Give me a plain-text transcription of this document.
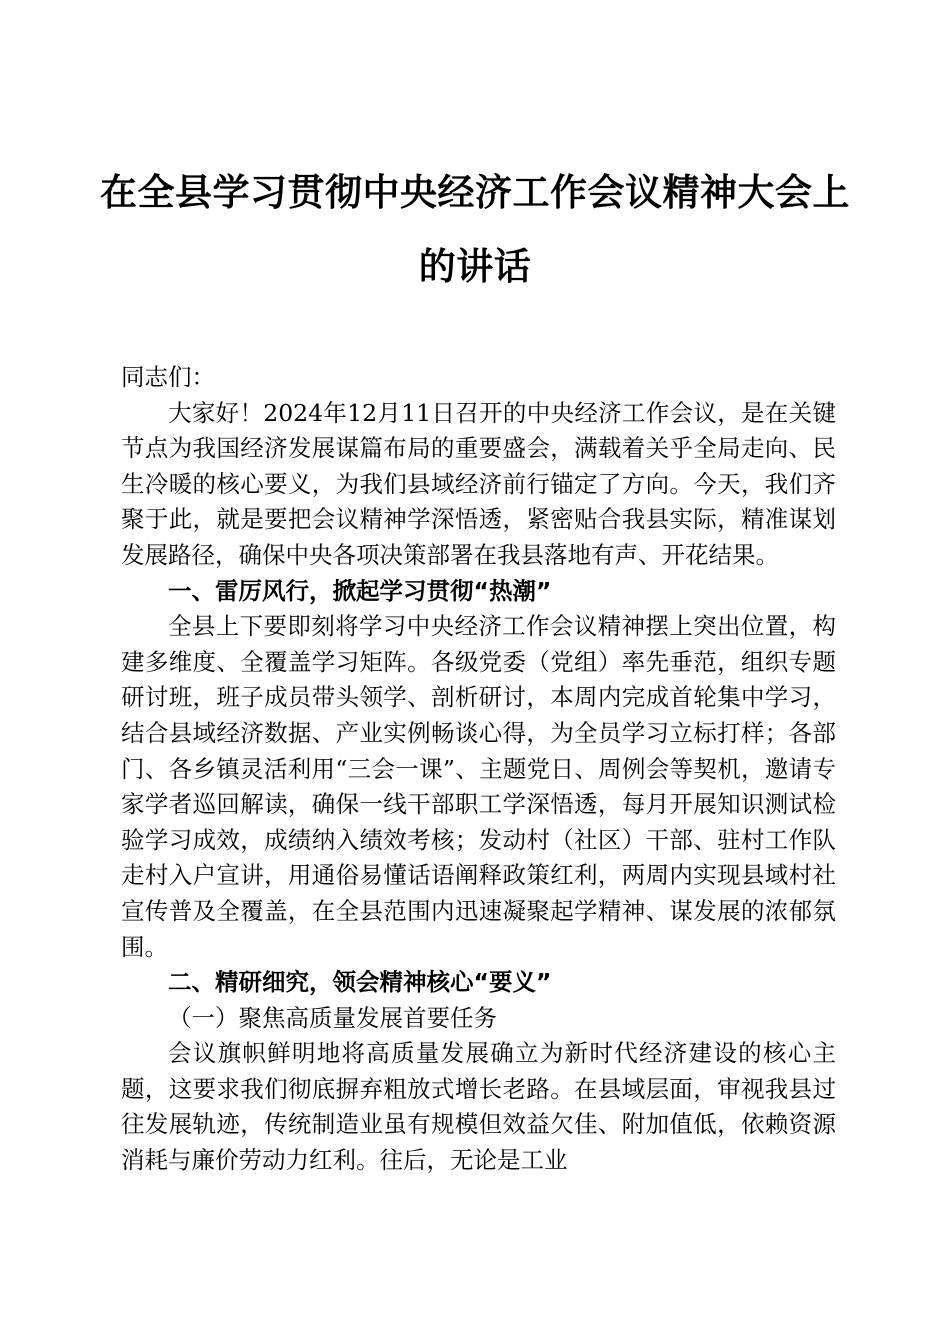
在全县学习贯彻中央经济工作会议精神大会上
的讲话

同志们：

大家好！2024年12月11日召开的中央经济工作会议，是在关键节点为我国经济发展谋篇布局的重要盛会，满载着关乎全局走向、民生冷暖的核心要义，为我们县域经济前行锚定了方向。今天，我们齐聚于此，就是要把会议精神学深悟透，紧密贴合我县实际，精准谋划发展路径，确保中央各项决策部署在我县落地有声、开花结果。

一、雷厉风行，掀起学习贯彻“热潮”

全县上下要即刻将学习中央经济工作会议精神摆上突出位置，构建多维度、全覆盖学习矩阵。各级党委（党组）率先垂范，组织专题研讨班，班子成员带头领学、剖析研讨，本周内完成首轮集中学习，结合县域经济数据、产业实例畅谈心得，为全员学习立标打样；各部门、各乡镇灵活利用“三会一课”、主题党日、周例会等契机，邀请专家学者巡回解读，确保一线干部职工学深悟透，每月开展知识测试检验学习成效，成绩纳入绩效考核；发动村（社区）干部、驻村工作队走村入户宣讲，用通俗易懂话语阐释政策红利，两周内实现县域村社宣传普及全覆盖，在全县范围内迅速凝聚起学精神、谋发展的浓郁氛围。

二、精研细究，领会精神核心“要义”

（一）聚焦高质量发展首要任务

会议旗帜鲜明地将高质量发展确立为新时代经济建设的核心主题，这要求我们彻底摒弃粗放式增长老路。在县域层面，审视我县过往发展轨迹，传统制造业虽有规模但效益欠佳、附加值低，依赖资源消耗与廉价劳动力红利。往后，无论是工业
